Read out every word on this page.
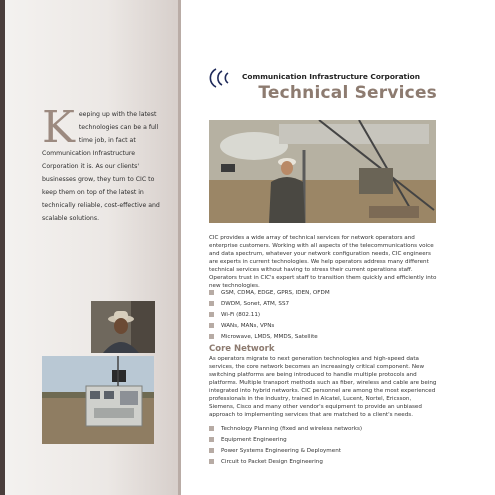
K eeping up with the latest technologies can be a full time job, in fact at Communication Infrastructure Corporation it is. As our clients' businesses grow, they turn to CIC to keep them on top of the latest in technically reliable, cost-effective and scalable solutions.
Communication Infrastructure Corporation
Technical Services
CIC provides a wide array of technical services for network operators and enterprise customers. Working with all aspects of the telecommunications voice and data spectrum, whatever your network configuration needs, CIC engineers are experts in current technologies. We help operators address many different technical services without having to stress their current operations staff. Operators trust in CIC's expert staff to transition them quickly and efficiently into new technologies.
GSM, CDMA, EDGE, GPRS, IDEN, OFDM
DWDM, Sonet, ATM, SS7
Wi-Fi (802.11)
WANs, MANs, VPNs
Microwave, LMDS, MMDS, Satellite
Core Network
As operators migrate to next generation technologies and high-speed data services, the core network becomes an increasingly critical component. New switching platforms are being introduced to handle multiple protocols and platforms. Multiple transport methods such as fiber, wireless and cable are being integrated into hybrid networks. CIC personnel are among the most experienced professionals in the industry, trained in Alcatel, Lucent, Nortel, Ericsson, Siemens, Cisco and many other vendor's equipment to provide an unbiased approach to implementing services that are matched to a client's needs.
Technology Planning (fixed and wireless networks)
Equipment Engineering
Power Systems Engineering & Deployment
Circuit to Packet Design Engineering
